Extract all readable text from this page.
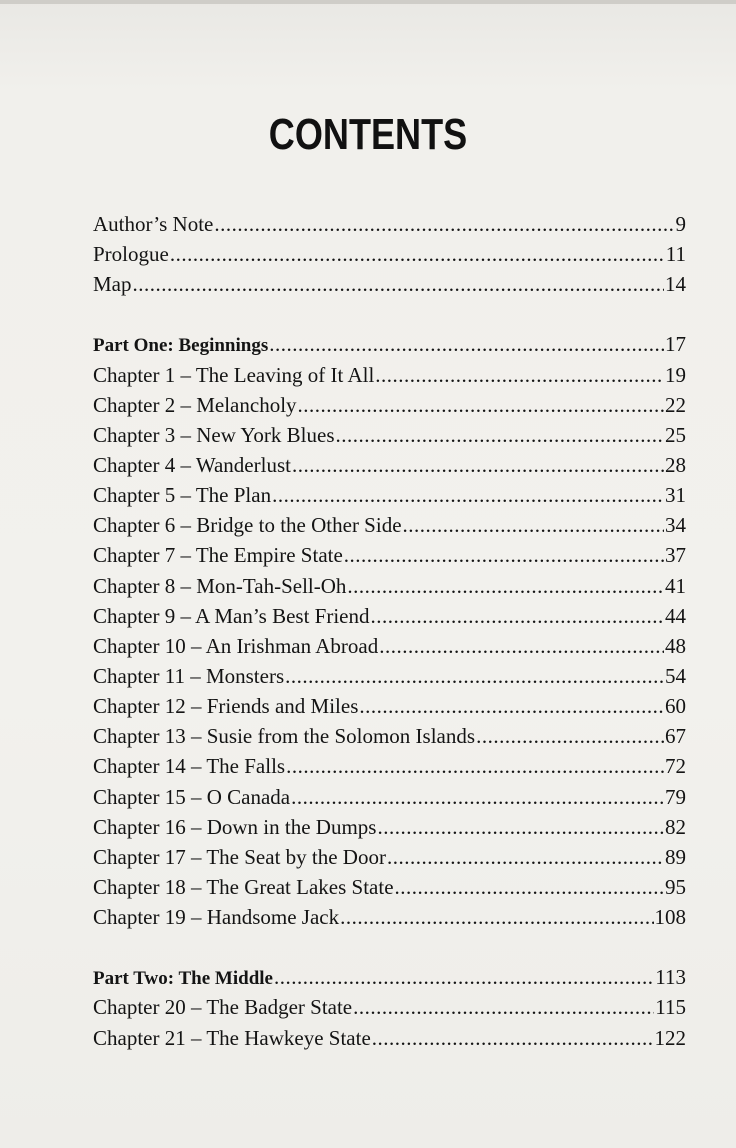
CONTENTS
Author’s Note .....	9
Prologue .....	11
Map .....	14
Part One: Beginnings .....	17
Chapter 1 – The Leaving of It All .....	19
Chapter 2 – Melancholy .....	22
Chapter 3 – New York Blues .....	25
Chapter 4 – Wanderlust .....	28
Chapter 5 – The Plan .....	31
Chapter 6 – Bridge to the Other Side .....	34
Chapter 7 – The Empire State .....	37
Chapter 8 – Mon-Tah-Sell-Oh .....	41
Chapter 9 – A Man’s Best Friend .....	44
Chapter 10 – An Irishman Abroad .....	48
Chapter 11 – Monsters .....	54
Chapter 12 – Friends and Miles .....	60
Chapter 13 – Susie from the Solomon Islands .....	67
Chapter 14 – The Falls .....	72
Chapter 15 – O Canada .....	79
Chapter 16 – Down in the Dumps .....	82
Chapter 17 – The Seat by the Door .....	89
Chapter 18 – The Great Lakes State .....	95
Chapter 19 – Handsome Jack .....	108
Part Two: The Middle .....	113
Chapter 20 – The Badger State .....	115
Chapter 21 – The Hawkeye State .....	122
